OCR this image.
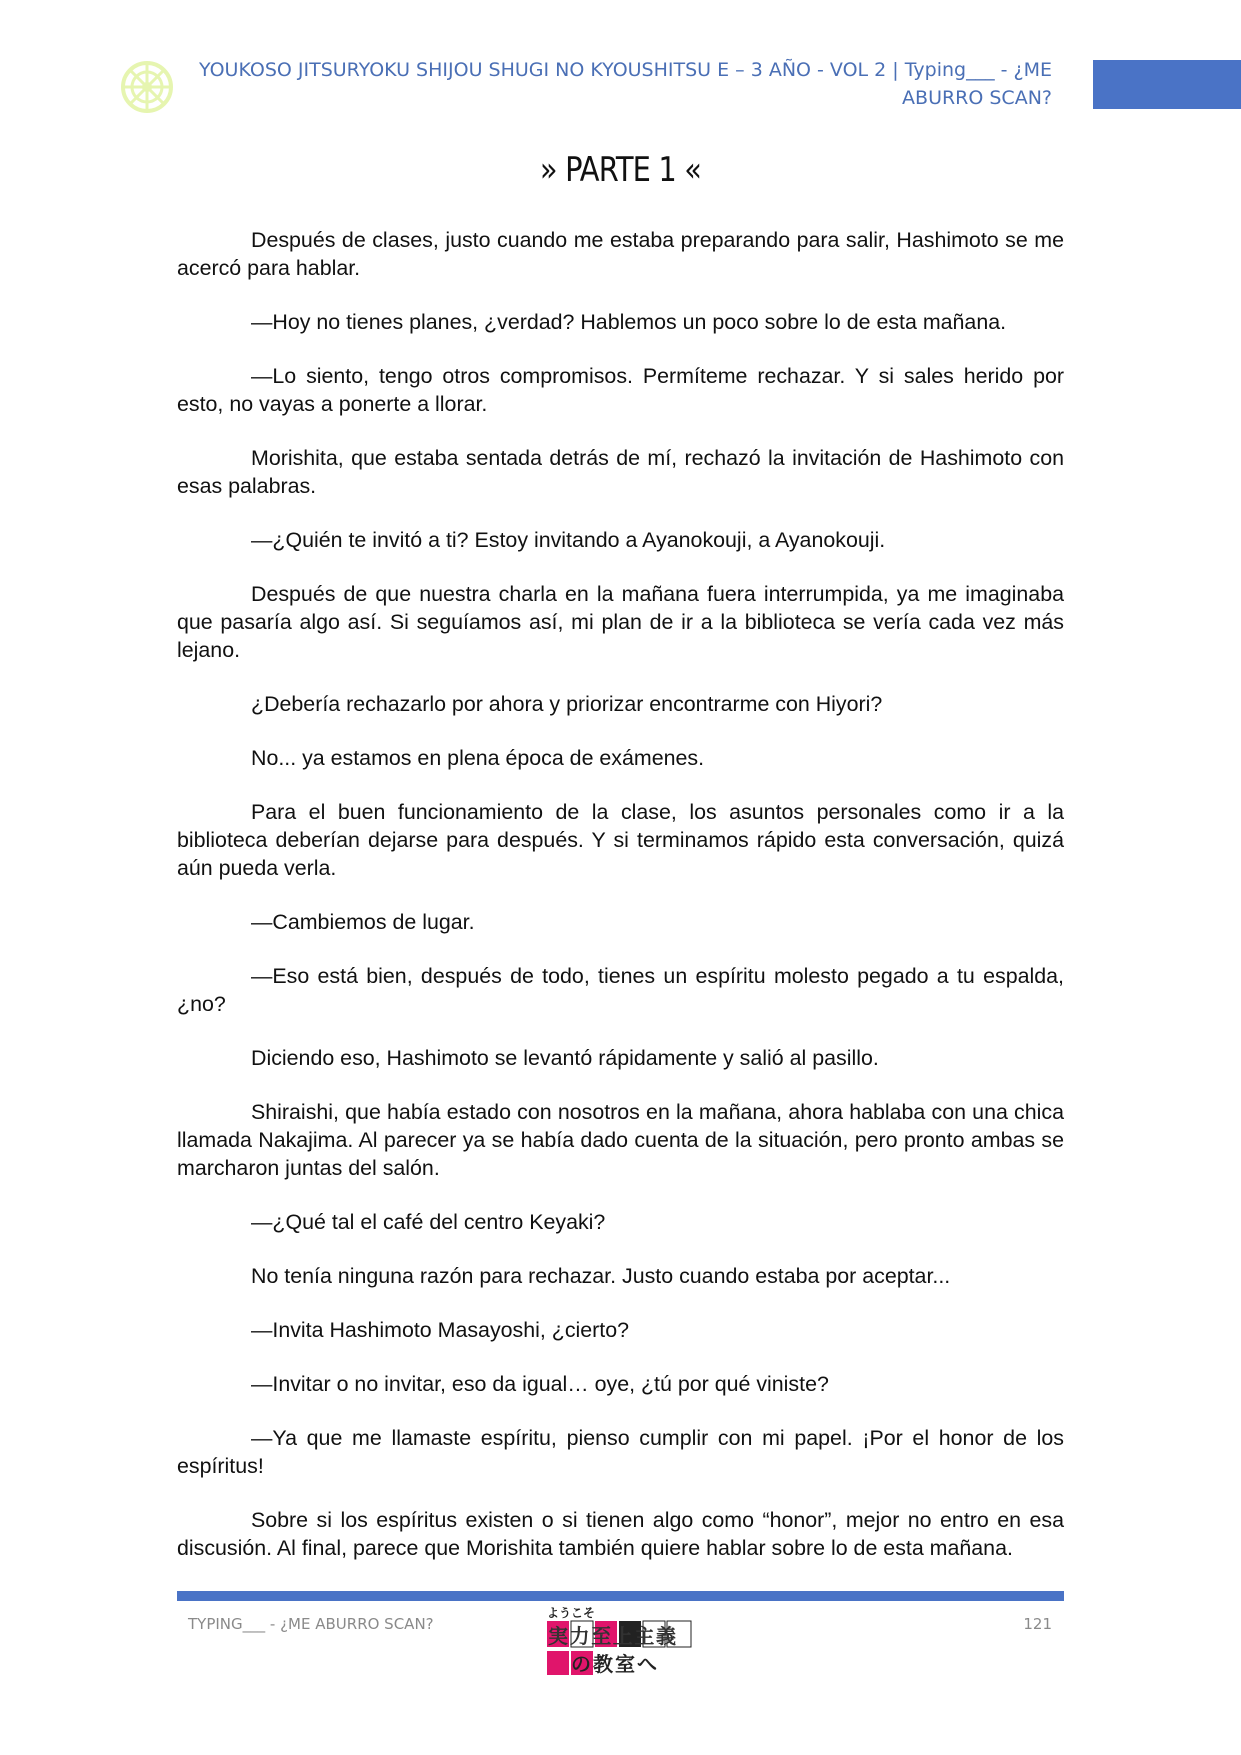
YOUKOSO JITSURYOKU SHIJOU SHUGI NO KYOUSHITSU E – 3 AÑO - VOL 2 | Typing___ - ¿ME ABURRO SCAN?
» PARTE 1 «

Después de clases, justo cuando me estaba preparando para salir, Hashimoto se me acercó para hablar.

—Hoy no tienes planes, ¿verdad? Hablemos un poco sobre lo de esta mañana.

—Lo siento, tengo otros compromisos. Permíteme rechazar. Y si sales herido por esto, no vayas a ponerte a llorar.

Morishita, que estaba sentada detrás de mí, rechazó la invitación de Hashimoto con esas palabras.

—¿Quién te invitó a ti? Estoy invitando a Ayanokouji, a Ayanokouji.

Después de que nuestra charla en la mañana fuera interrumpida, ya me imaginaba que pasaría algo así. Si seguíamos así, mi plan de ir a la biblioteca se vería cada vez más lejano.

¿Debería rechazarlo por ahora y priorizar encontrarme con Hiyori?

No... ya estamos en plena época de exámenes.

Para el buen funcionamiento de la clase, los asuntos personales como ir a la biblioteca deberían dejarse para después. Y si terminamos rápido esta conversación, quizá aún pueda verla.

—Cambiemos de lugar.

—Eso está bien, después de todo, tienes un espíritu molesto pegado a tu espalda, ¿no?

Diciendo eso, Hashimoto se levantó rápidamente y salió al pasillo.

Shiraishi, que había estado con nosotros en la mañana, ahora hablaba con una chica llamada Nakajima. Al parecer ya se había dado cuenta de la situación, pero pronto ambas se marcharon juntas del salón.

—¿Qué tal el café del centro Keyaki?

No tenía ninguna razón para rechazar. Justo cuando estaba por aceptar...

—Invita Hashimoto Masayoshi, ¿cierto?

—Invitar o no invitar, eso da igual… oye, ¿tú por qué viniste?

—Ya que me llamaste espíritu, pienso cumplir con mi papel. ¡Por el honor de los espíritus!

Sobre si los espíritus existen o si tienen algo como “honor”, mejor no entro en esa discusión. Al final, parece que Morishita también quiere hablar sobre lo de esta mañana.

TYPING___ - ¿ME ABURRO SCAN?	121
ようこそ
実力至上主義
の教室へ
